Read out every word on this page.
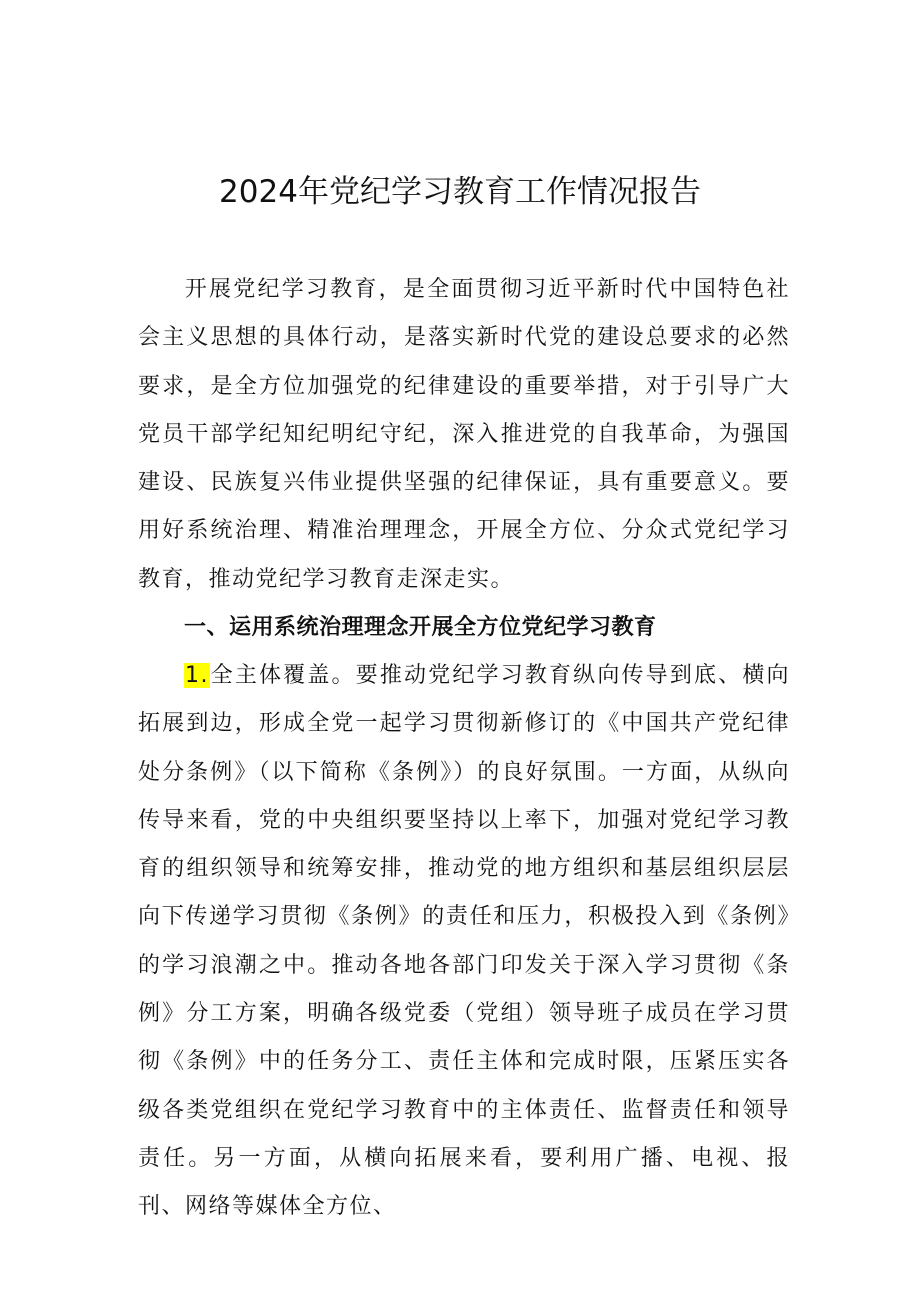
2024年党纪学习教育工作情况报告

开展党纪学习教育，是全面贯彻习近平新时代中国特色社会主义思想的具体行动，是落实新时代党的建设总要求的必然要求，是全方位加强党的纪律建设的重要举措，对于引导广大党员干部学纪知纪明纪守纪，深入推进党的自我革命，为强国建设、民族复兴伟业提供坚强的纪律保证，具有重要意义。要用好系统治理、精准治理理念，开展全方位、分众式党纪学习教育，推动党纪学习教育走深走实。

一、运用系统治理理念开展全方位党纪学习教育

1.全主体覆盖。要推动党纪学习教育纵向传导到底、横向拓展到边，形成全党一起学习贯彻新修订的《中国共产党纪律处分条例》（以下简称《条例》）的良好氛围。一方面，从纵向传导来看，党的中央组织要坚持以上率下，加强对党纪学习教育的组织领导和统筹安排，推动党的地方组织和基层组织层层向下传递学习贯彻《条例》的责任和压力，积极投入到《条例》的学习浪潮之中。推动各地各部门印发关于深入学习贯彻《条例》分工方案，明确各级党委（党组）领导班子成员在学习贯彻《条例》中的任务分工、责任主体和完成时限，压紧压实各级各类党组织在党纪学习教育中的主体责任、监督责任和领导责任。另一方面，从横向拓展来看，要利用广播、电视、报刊、网络等媒体全方位、
